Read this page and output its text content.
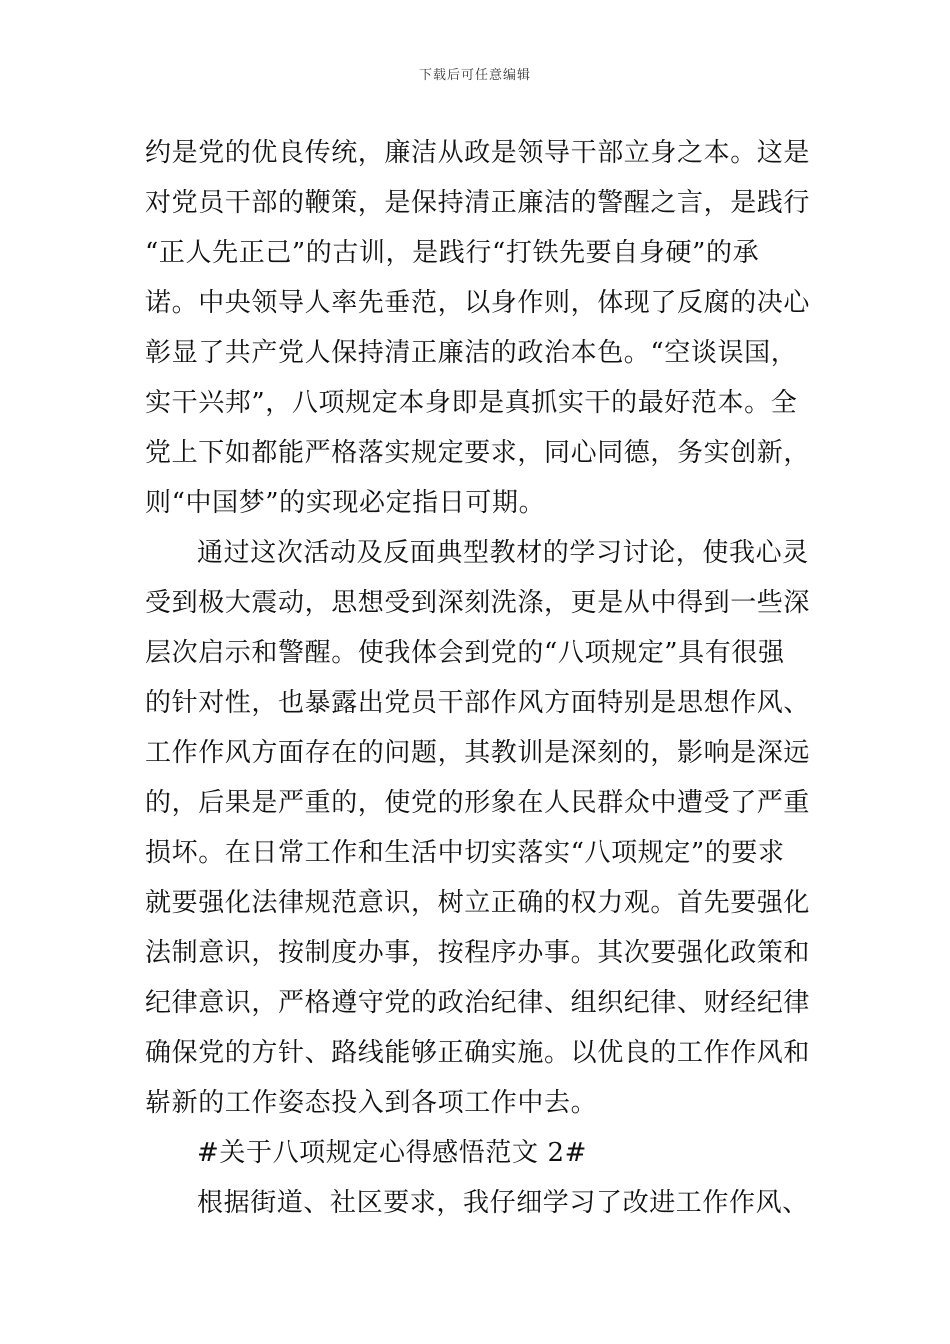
下载后可任意编辑
约是党的优良传统，廉洁从政是领导干部立身之本。这是
对党员干部的鞭策，是保持清正廉洁的警醒之言，是践行
“正人先正己”的古训，是践行“打铁先要自身硬”的承
诺。中央领导人率先垂范，以身作则，体现了反腐的决心
彰显了共产党人保持清正廉洁的政治本色。“空谈误国，
实干兴邦”，八项规定本身即是真抓实干的最好范本。全
党上下如都能严格落实规定要求，同心同德，务实创新，
则“中国梦”的实现必定指日可期。
通过这次活动及反面典型教材的学习讨论，使我心灵
受到极大震动，思想受到深刻洗涤，更是从中得到一些深
层次启示和警醒。使我体会到党的“八项规定”具有很强
的针对性，也暴露出党员干部作风方面特别是思想作风、
工作作风方面存在的问题，其教训是深刻的，影响是深远
的，后果是严重的，使党的形象在人民群众中遭受了严重
损坏。在日常工作和生活中切实落实“八项规定”的要求
就要强化法律规范意识，树立正确的权力观。首先要强化
法制意识，按制度办事，按程序办事。其次要强化政策和
纪律意识，严格遵守党的政治纪律、组织纪律、财经纪律
确保党的方针、路线能够正确实施。以优良的工作作风和
崭新的工作姿态投入到各项工作中去。
#关于八项规定心得感悟范文 2#
根据街道、社区要求，我仔细学习了改进工作作风、
